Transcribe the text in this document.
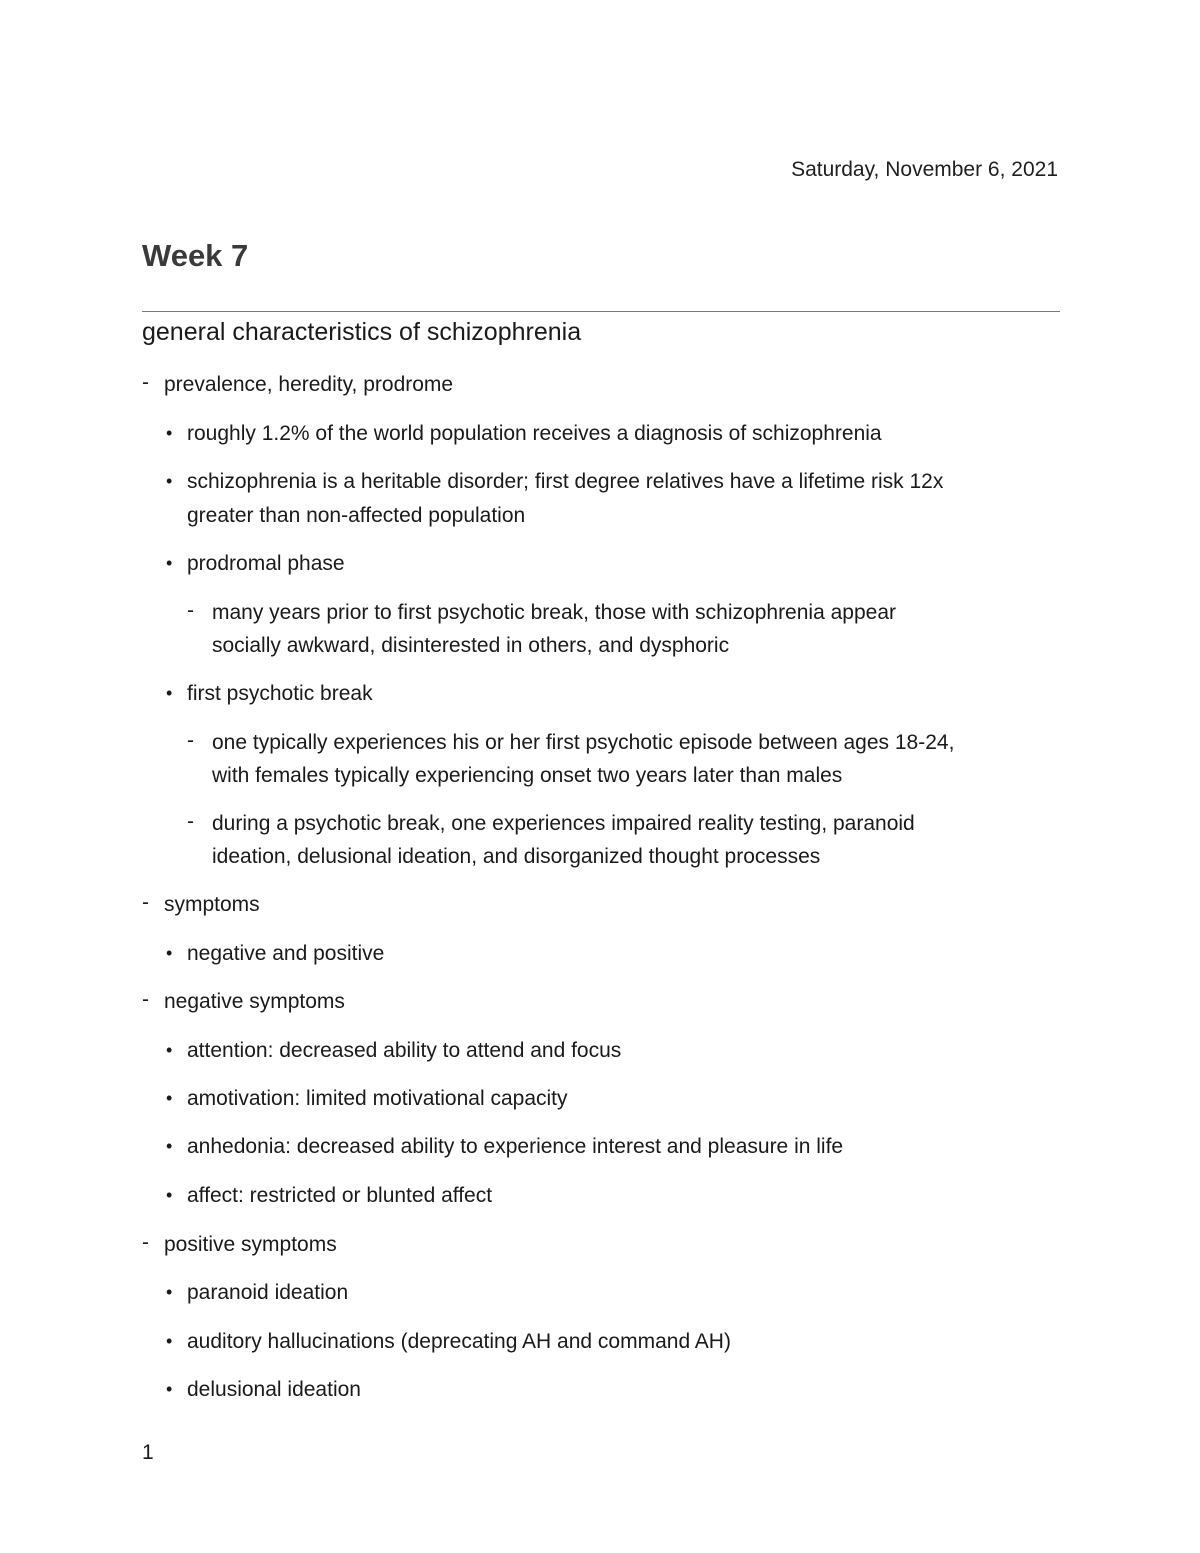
Saturday, November 6, 2021
Week 7
general characteristics of schizophrenia
- prevalence, heredity, prodrome
• roughly 1.2% of the world population receives a diagnosis of schizophrenia
• schizophrenia is a heritable disorder; first degree relatives have a lifetime risk 12x
greater than non-affected population
• prodromal phase
- many years prior to first psychotic break, those with schizophrenia appear
socially awkward, disinterested in others, and dysphoric
• first psychotic break
- one typically experiences his or her first psychotic episode between ages 18-24,
with females typically experiencing onset two years later than males
- during a psychotic break, one experiences impaired reality testing, paranoid
ideation, delusional ideation, and disorganized thought processes
- symptoms
• negative and positive
- negative symptoms
• attention: decreased ability to attend and focus
• amotivation: limited motivational capacity
• anhedonia: decreased ability to experience interest and pleasure in life
• affect: restricted or blunted affect
- positive symptoms
• paranoid ideation
• auditory hallucinations (deprecating AH and command AH)
• delusional ideation
1
